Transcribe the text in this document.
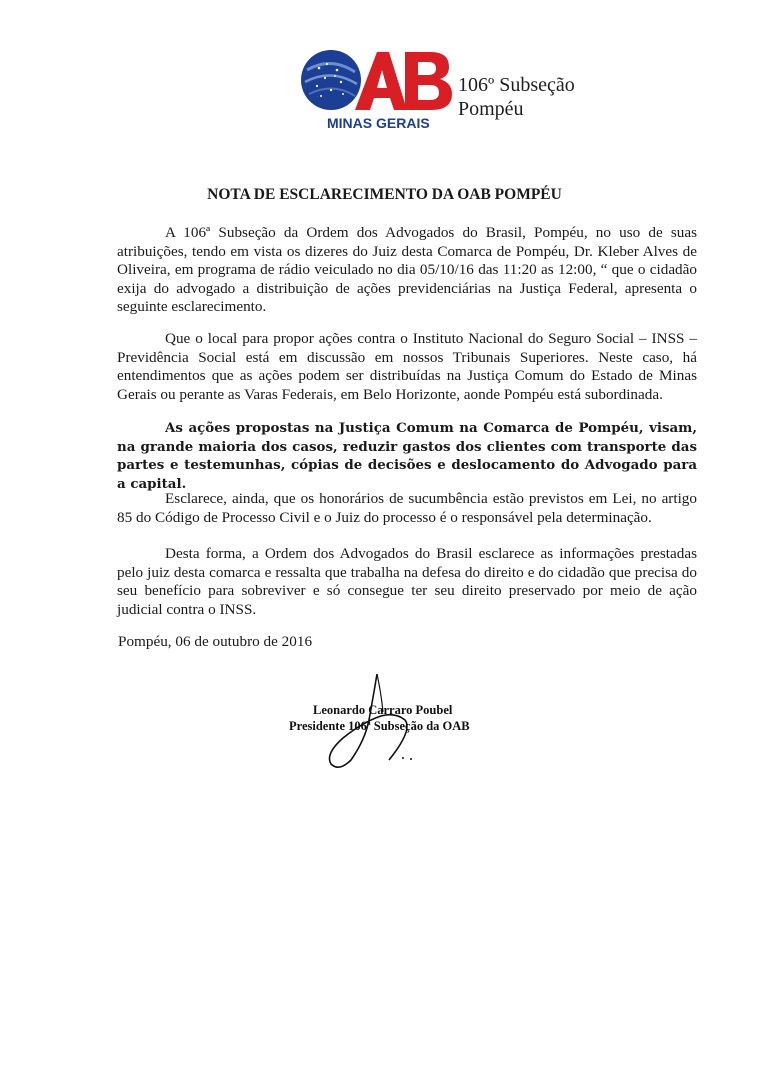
MINAS GERAIS
106º Subseção
Pompéu
NOTA DE ESCLARECIMENTO DA OAB POMPÉU
A 106ª Subseção da Ordem dos Advogados do Brasil, Pompéu, no uso de suas atribuições, tendo em vista os dizeres do Juiz desta Comarca de Pompéu, Dr. Kleber Alves de Oliveira, em programa de rádio veiculado no dia 05/10/16 das 11:20 as 12:00, “ que o cidadão exija do advogado a distribuição de ações previdenciárias na Justiça Federal, apresenta o seguinte esclarecimento.
Que o local para propor ações contra o Instituto Nacional do Seguro Social – INSS – Previdência Social está em discussão em nossos Tribunais Superiores. Neste caso, há entendimentos que as ações podem ser distribuídas na Justiça Comum do Estado de Minas Gerais ou perante as Varas Federais, em Belo Horizonte, aonde Pompéu está subordinada.
As ações propostas na Justiça Comum na Comarca de Pompéu, visam, na grande maioria dos casos, reduzir gastos dos clientes com transporte das partes e testemunhas, cópias de decisões e deslocamento do Advogado para a capital.
Esclarece, ainda, que os honorários de sucumbência estão previstos em Lei, no artigo 85 do Código de Processo Civil e o Juiz do processo é o responsável pela determinação.
Desta forma, a Ordem dos Advogados do Brasil esclarece as informações prestadas pelo juiz desta comarca e ressalta que trabalha na defesa do direito e do cidadão que precisa do seu benefício para sobreviver e só consegue ter seu direito preservado por meio de ação judicial contra o INSS.
Pompéu, 06 de outubro de 2016
Leonardo Carraro Poubel
Presidente 106ª Subseção da OAB
